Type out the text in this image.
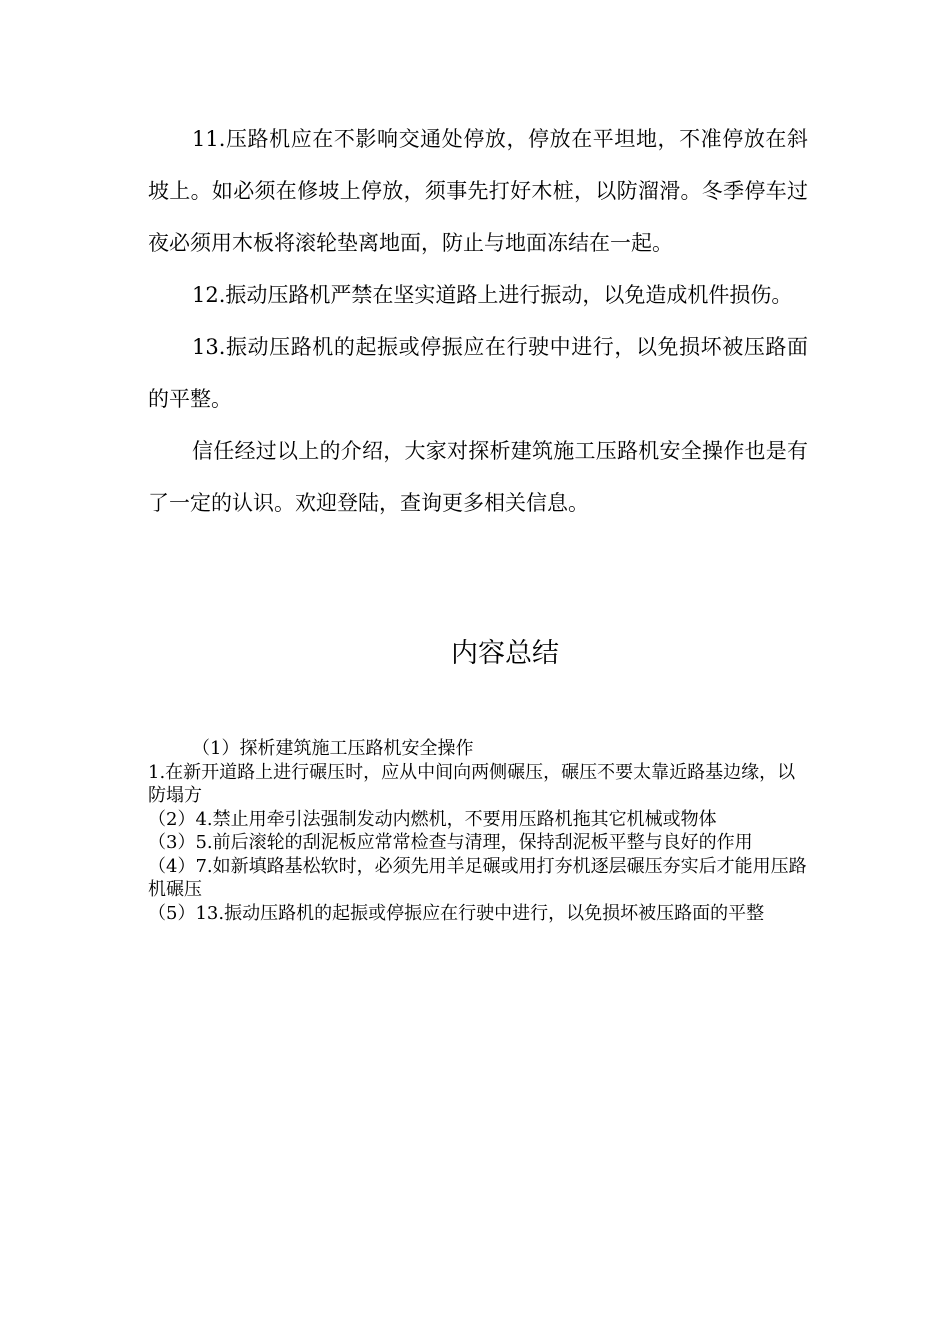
11.压路机应在不影响交通处停放，停放在平坦地，不准停放在斜坡上。如必须在修坡上停放，须事先打好木桩，以防溜滑。冬季停车过夜必须用木板将滚轮垫离地面，防止与地面冻结在一起。

12.振动压路机严禁在坚实道路上进行振动，以免造成机件损伤。

13.振动压路机的起振或停振应在行驶中进行，以免损坏被压路面的平整。

信任经过以上的介绍，大家对探析建筑施工压路机安全操作也是有了一定的认识。欢迎登陆，查询更多相关信息。

内容总结

（1）探析建筑施工压路机安全操作

1.在新开道路上进行碾压时，应从中间向两侧碾压，碾压不要太靠近路基边缘，以防塌方

（2）4.禁止用牵引法强制发动内燃机，不要用压路机拖其它机械或物体

（3）5.前后滚轮的刮泥板应常常检查与清理，保持刮泥板平整与良好的作用

（4）7.如新填路基松软时，必须先用羊足碾或用打夯机逐层碾压夯实后才能用压路机碾压

（5）13.振动压路机的起振或停振应在行驶中进行，以免损坏被压路面的平整
